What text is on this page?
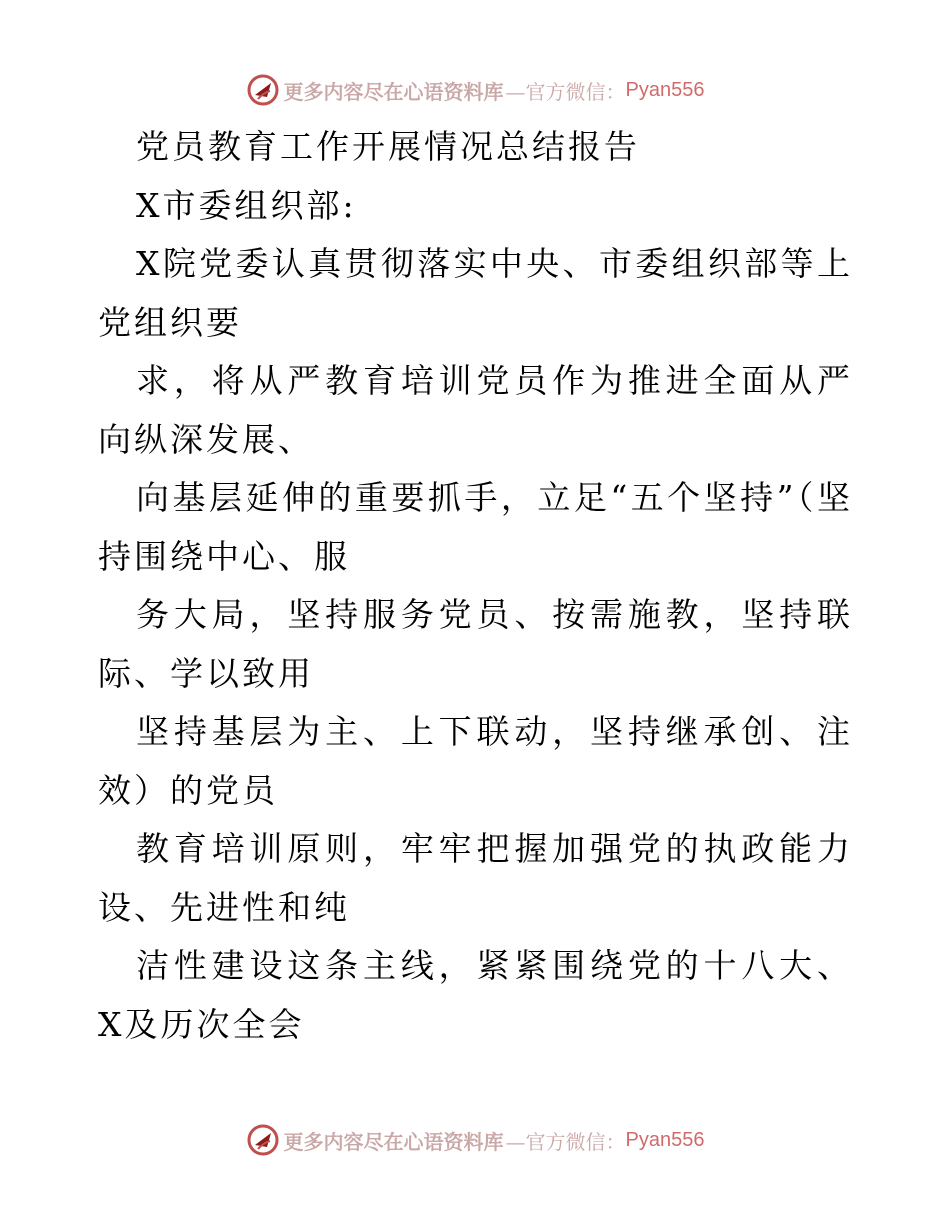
更多内容尽在心语资料库 —官方微信： Pyan556
党员教育工作开展情况总结报告
X市委组织部:
X院党委认真贯彻落实中央、市委组织部等上
党组织要
求，将从严教育培训党员作为推进全面从严
向纵深发展、
向基层延伸的重要抓手，立足“五个坚持”（坚
持围绕中心、服
务大局，坚持服务党员、按需施教，坚持联
际、学以致用
坚持基层为主、上下联动，坚持继承创、注
效）的党员
教育培训原则，牢牢把握加强党的执政能力
设、先进性和纯
洁性建设这条主线，紧紧围绕党的十八大、
X及历次全会
更多内容尽在心语资料库 —官方微信： Pyan556
